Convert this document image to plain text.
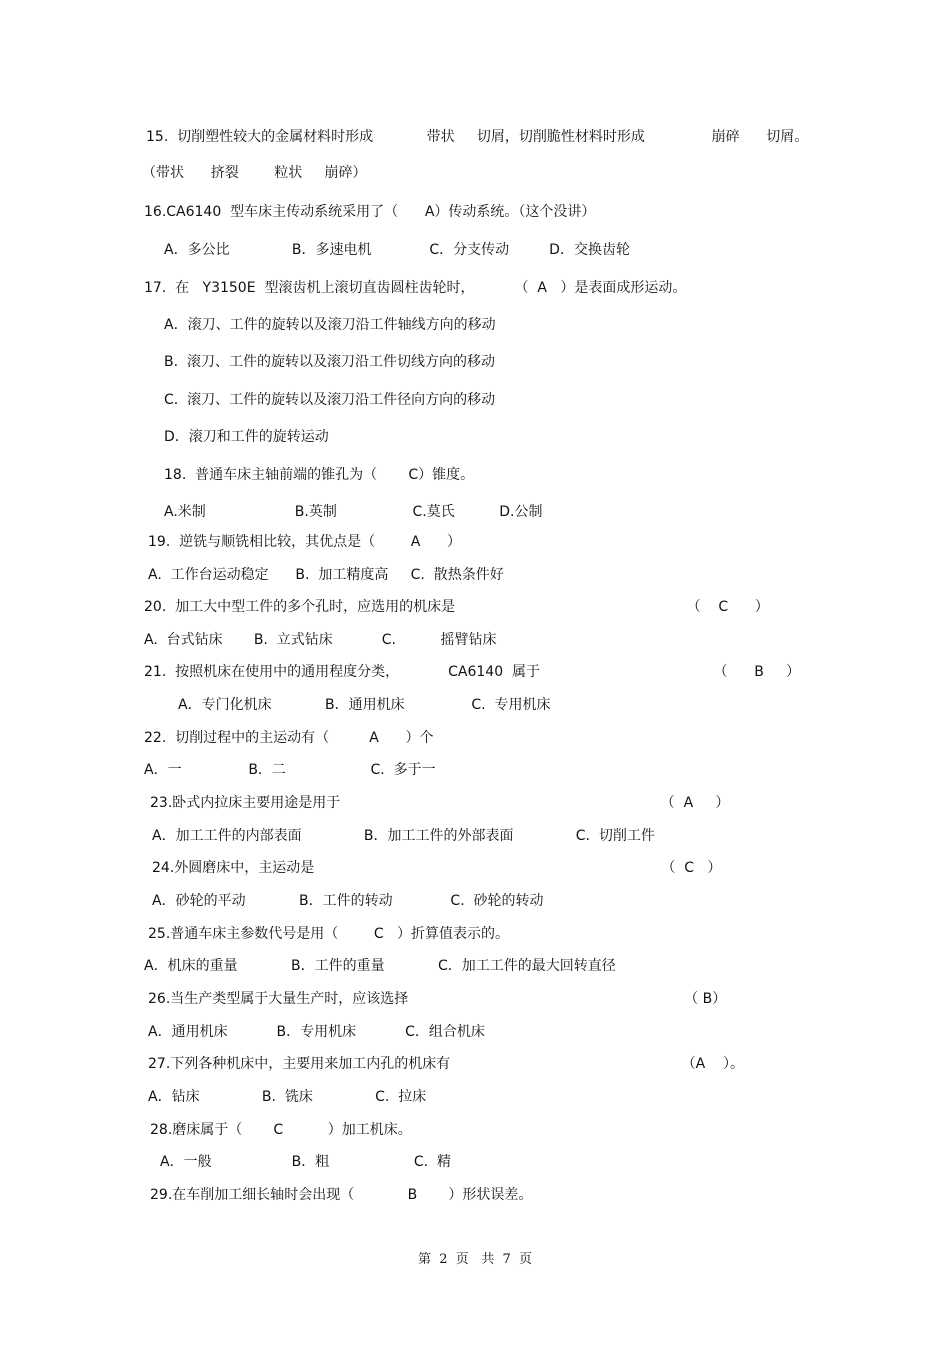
15.  切削塑性较大的金属材料时形成            带状     切屑，切削脆性材料时形成               崩碎      切屑。
（带状      挤裂        粒状     崩碎）
16.CA6140  型车床主传动系统采用了（      A）传动系统。（这个没讲）
A．多公比              B．多速电机             C．分支传动         D．交换齿轮
17.  在   Y3150E  型滚齿机上滚切直齿圆柱齿轮时，         （  A   ）是表面成形运动。
A．滚刀、工件的旋转以及滚刀沿工件轴线方向的移动
B.  滚刀、工件的旋转以及滚刀沿工件切线方向的移动
C.  滚刀、工件的旋转以及滚刀沿工件径向方向的移动
D．滚刀和工件的旋转运动
18.  普通车床主轴前端的锥孔为（       C）锥度。
A.米制                    B.英制                 C.莫氏          D.公制
19.  逆铣与顺铣相比较，其优点是（        A      ）
A.  工作台运动稳定      B.  加工精度高     C.  散热条件好
20.  加工大中型工件的多个孔时，应选用的机床是                                                    （    C      ）
A.  台式钻床       B.  立式钻床           C.          摇臂钻床
21.  按照机床在使用中的通用程度分类，           CA6140  属于                                       （      B     ）
A．专门化机床            B．通用机床               C.  专用机床
22.  切削过程中的主运动有（         A      ）个
A．一               B．二                   C.  多于一
23.卧式内拉床主要用途是用于                                                                        （  A     ）
A．加工工件的内部表面              B．加工工件的外部表面              C.  切削工件
24.外圆磨床中，主运动是                                                                              （  C   ）
A．砂轮的平动            B．工件的转动             C.  砂轮的转动
25.普通车床主参数代号是用（        C   ）折算值表示的。
A．机床的重量            B．工件的重量            C．加工工件的最大回转直径
26.当生产类型属于大量生产时，应该选择                                                              （ B）
A．通用机床           B．专用机床           C．组合机床
27.下列各种机床中，主要用来加工内孔的机床有                                                    （A    ）。
A．钻床              B.  铣床              C.  拉床
28.磨床属于（       C          ）加工机床。
A．一般                  B．粗                   C.  精
29.在车削加工细长轴时会出现（            B       ）形状误差。
第  2  页   共  7  页
